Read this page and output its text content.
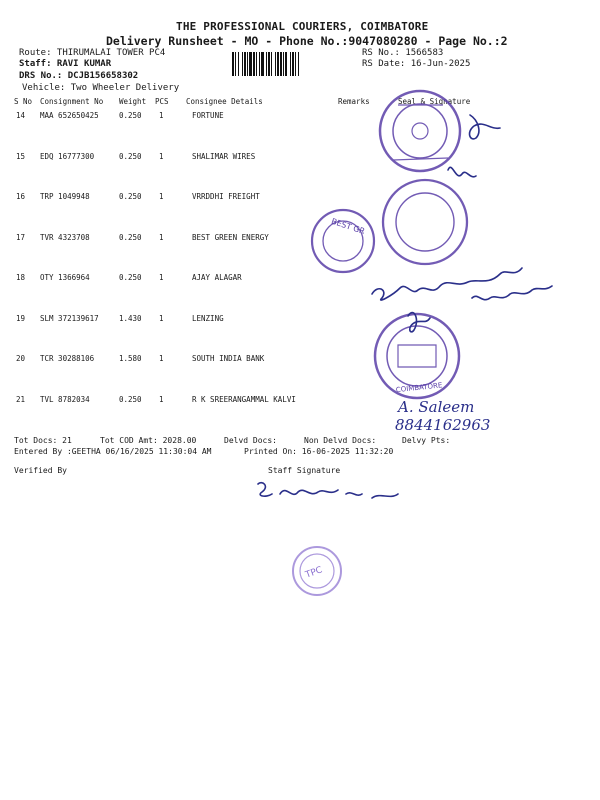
THE PROFESSIONAL COURIERS, COIMBATORE
Delivery Runsheet - MO - Phone No.:9047080280 - Page No.:2
Route: THIRUMALAI TOWER PC4
Staff: RAVI KUMAR
DRS No.: DCJB156658302
Vehicle: Two Wheeler Delivery
RS No.: 1566583
RS Date: 16-Jun-2025
S No Consignment No Weight PCS Consignee Details	Remarks	Seal & Signature
14 MAA 652650425	0.250 1	FORTUNE
15 EDQ 16777300	0.250 1	SHALIMAR WIRES
16 TRP 1049948	0.250 1	VRRDDHI FREIGHT
17 TVR 4323708	0.250 1	BEST GREEN ENERGY
18 OTY 1366964	0.250 1	AJAY ALAGAR
19 SLM 372139617	1.430 1	LENZING
20 TCR 30288106	1.580 1	SOUTH INDIA BANK
21 TVL 8782034	0.250 1	R K SREERANGAMMAL KALVI
Tot Docs: 21	Tot COD Amt: 2028.00	Delvd Docs:	Non Delvd Docs:	Delvy Pts:
Entered By :GEETHA 06/16/2025 11:30:04 AM	Printed On: 16-06-2025 11:32:20
Verified By	Staff Signature
BEST GR
COIMBATORE
A. Saleem
8844162963
TPC
